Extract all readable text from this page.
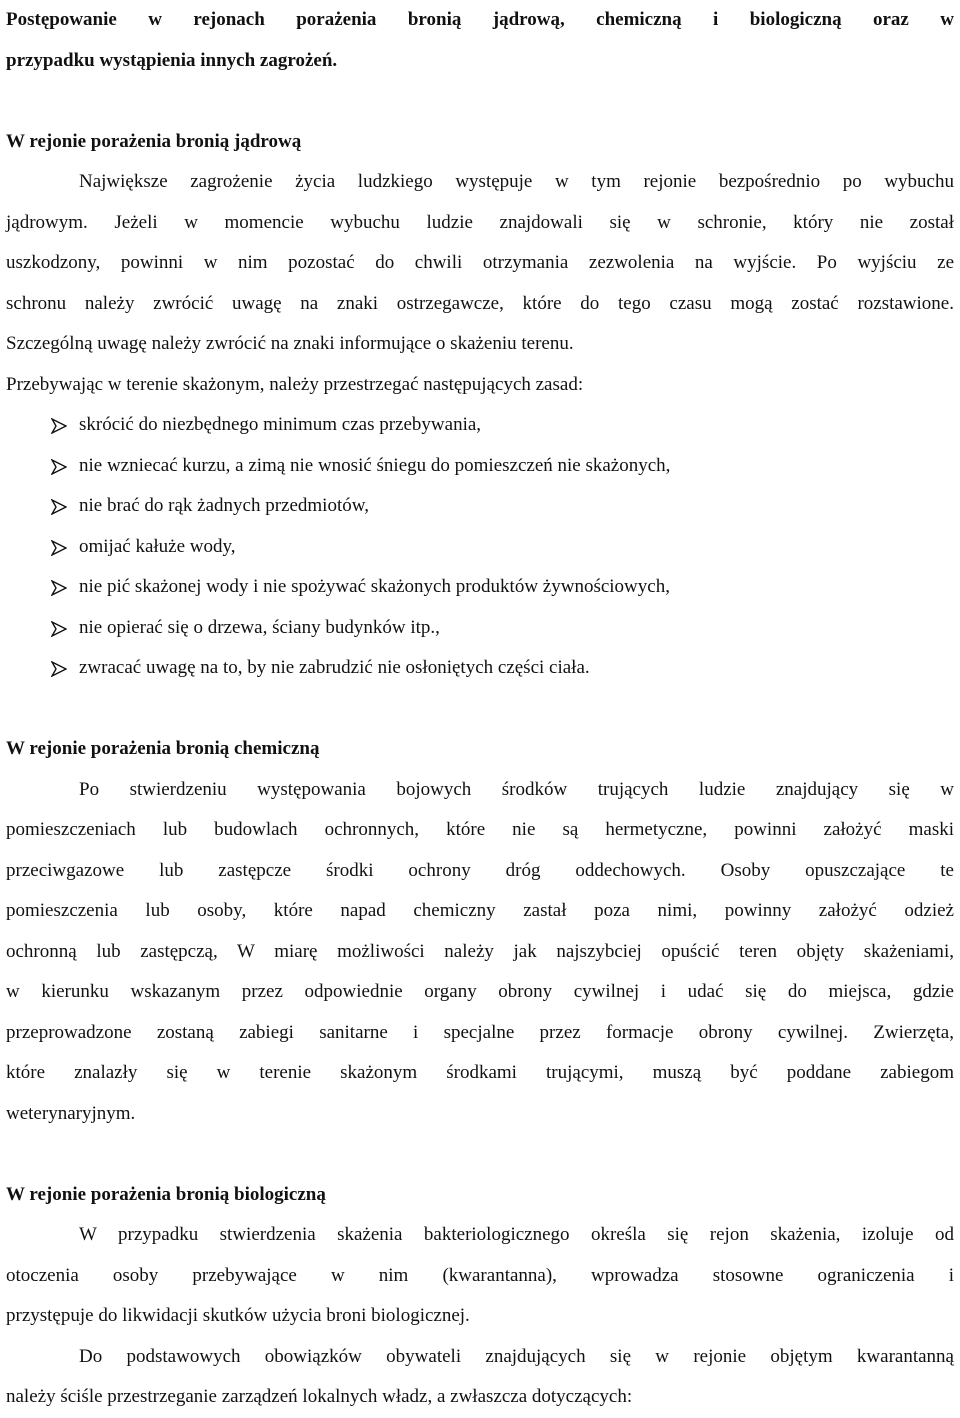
Postępowanie w rejonach porażenia bronią jądrową, chemiczną i biologiczną oraz w
przypadku wystąpienia innych zagrożeń.
W rejonie porażenia bronią jądrową
Największe zagrożenie życia ludzkiego występuje w tym rejonie bezpośrednio po wybuchu
jądrowym. Jeżeli w momencie wybuchu ludzie znajdowali się w schronie, który nie został
uszkodzony, powinni w nim pozostać do chwili otrzymania zezwolenia na wyjście. Po wyjściu ze
schronu należy zwrócić uwagę na znaki ostrzegawcze, które do tego czasu mogą zostać rozstawione.
Szczególną uwagę należy zwrócić na znaki informujące o skażeniu terenu.
Przebywając w terenie skażonym, należy przestrzegać następujących zasad:
skrócić do niezbędnego minimum czas przebywania,
nie wzniecać kurzu, a zimą nie wnosić śniegu do pomieszczeń nie skażonych,
nie brać do rąk żadnych przedmiotów,
omijać kałuże wody,
nie pić skażonej wody i nie spożywać skażonych produktów żywnościowych,
nie opierać się o drzewa, ściany budynków itp.,
zwracać uwagę na to, by nie zabrudzić nie osłoniętych części ciała.
W rejonie porażenia bronią chemiczną
Po stwierdzeniu występowania bojowych środków trujących ludzie znajdujący się w
pomieszczeniach lub budowlach ochronnych, które nie są hermetyczne, powinni założyć maski
przeciwgazowe lub zastępcze środki ochrony dróg oddechowych. Osoby opuszczające te
pomieszczenia lub osoby, które napad chemiczny zastał poza nimi, powinny założyć odzież
ochronną lub zastępczą, W miarę możliwości należy jak najszybciej opuścić teren objęty skażeniami,
w kierunku wskazanym przez odpowiednie organy obrony cywilnej i udać się do miejsca, gdzie
przeprowadzone zostaną zabiegi sanitarne i specjalne przez formacje obrony cywilnej. Zwierzęta,
które znalazły się w terenie skażonym środkami trującymi, muszą być poddane zabiegom
weterynaryjnym.
W rejonie porażenia bronią biologiczną
W przypadku stwierdzenia skażenia bakteriologicznego określa się rejon skażenia, izoluje od
otoczenia osoby przebywające w nim (kwarantanna), wprowadza stosowne ograniczenia i
przystępuje do likwidacji skutków użycia broni biologicznej.
Do podstawowych obowiązków obywateli znajdujących się w rejonie objętym kwarantanną
należy ściśle przestrzeganie zarządzeń lokalnych władz, a zwłaszcza dotyczących:
